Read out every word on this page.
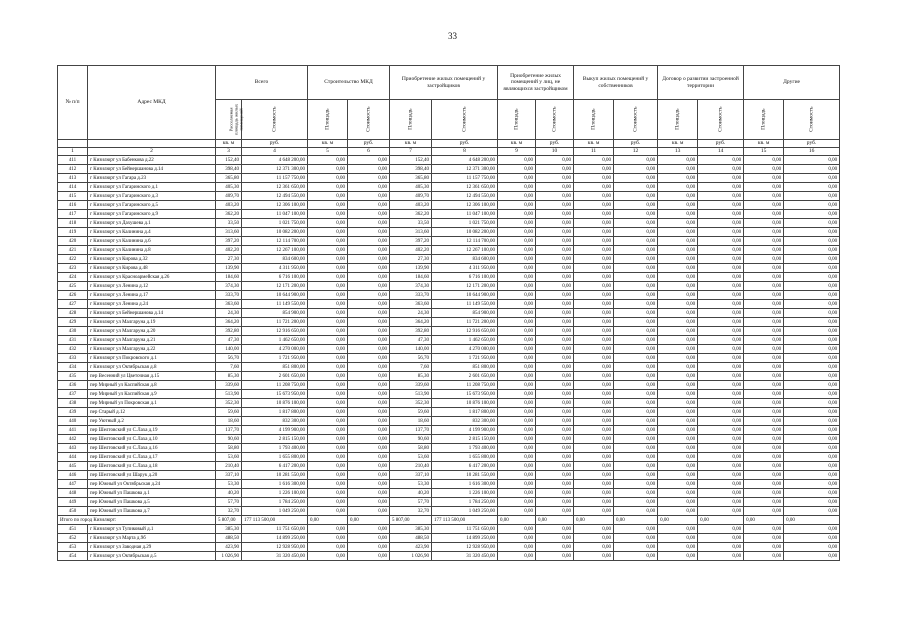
33
№ п/п	Адрес МКД	Всего		Строительство МКД		Приобретение жилых помещений у застройщиков		Приобретение жилых помещений у лиц, не являющихся застройщиком		Выкуп жилых помещений у собственников		Договор о развитии застроенной территории		Другие	
		Расселяемая площадь жилых помещений	Стоимость	Площадь	Стоимость	Площадь	Стоимость	Площадь	Стоимость	Площадь	Стоимость	Площадь	Стоимость	Площадь	Стоимость
		кв. м	руб.	кв. м	руб.	кв. м	руб.	кв. м	руб.	кв. м	руб.	кв. м	руб.	кв. м	руб.
1	2	3	4	5	6	7	8	9	10	11	12	13	14	15	16
411	г Кизилюрт ул Бабенкова д.22	152,40	4 648 200,00	0,00	0,00	152,40	4 648 200,00	0,00	0,00	0,00	0,00	0,00	0,00	0,00	0,00
412	г Кизилюрт ул Бейнершанова д.14	398,40	12 371 300,00	0,00	0,00	398,40	12 371 300,00	0,00	0,00	0,00	0,00	0,00	0,00	0,00	0,00
413	г Кизилюрт ул Гагара д.23	365,80	11 157 750,00	0,00	0,00	365,80	11 157 750,00	0,00	0,00	0,00	0,00	0,00	0,00	0,00	0,00
414	г Кизилюрт ул Гагаринского д.1	405,30	12 361 650,00	0,00	0,00	405,30	12 361 650,00	0,00	0,00	0,00	0,00	0,00	0,00	0,00	0,00
415	г Кизилюрт ул Гагаринского д.3	409,70	12 494 550,00	0,00	0,00	409,70	12 494 550,00	0,00	0,00	0,00	0,00	0,00	0,00	0,00	0,00
416	г Кизилюрт ул Гагаринского д.5	403,20	12 306 100,00	0,00	0,00	403,20	12 306 100,00	0,00	0,00	0,00	0,00	0,00	0,00	0,00	0,00
417	г Кизилюрт ул Гагаринского д.9	362,20	11 047 100,00	0,00	0,00	362,20	11 047 100,00	0,00	0,00	0,00	0,00	0,00	0,00	0,00	0,00
418	г Кизилюрт ул Дахушева д.1	33,50	1 021 750,00	0,00	0,00	33,50	1 021 750,00	0,00	0,00	0,00	0,00	0,00	0,00	0,00	0,00
419	г Кизилюрт ул Калинина д.4	313,60	10 082 200,00	0,00	0,00	313,60	10 082 200,00	0,00	0,00	0,00	0,00	0,00	0,00	0,00	0,00
420	г Кизилюрт ул Калинина д.6	397,20	12 114 700,00	0,00	0,00	397,20	12 114 700,00	0,00	0,00	0,00	0,00	0,00	0,00	0,00	0,00
421	г Кизилюрт ул Калинина д.8	402,20	12 267 100,00	0,00	0,00	402,20	12 267 100,00	0,00	0,00	0,00	0,00	0,00	0,00	0,00	0,00
422	г Кизилюрт ул Кирова д.32	27,30	834 600,00	0,00	0,00	27,30	834 600,00	0,00	0,00	0,00	0,00	0,00	0,00	0,00	0,00
423	г Кизилюрт ул Кирова д.48	139,90	4 311 950,00	0,00	0,00	139,90	4 311 950,00	0,00	0,00	0,00	0,00	0,00	0,00	0,00	0,00
424	г Кизилюрт ул Красноармейская д.26	184,60	6 716 100,00	0,00	0,00	184,60	6 716 100,00	0,00	0,00	0,00	0,00	0,00	0,00	0,00	0,00
425	г Кизилюрт ул Ленина д.12	374,30	12 171 200,00	0,00	0,00	374,30	12 171 200,00	0,00	0,00	0,00	0,00	0,00	0,00	0,00	0,00
426	г Кизилюрт ул Ленина д.17	333,70	10 644 900,00	0,00	0,00	333,70	10 644 900,00	0,00	0,00	0,00	0,00	0,00	0,00	0,00	0,00
427	г Кизилюрт ул Ленина д.24	363,60	11 149 550,00	0,00	0,00	363,60	11 149 550,00	0,00	0,00	0,00	0,00	0,00	0,00	0,00	0,00
428	г Кизилюрт ул Бейнершанова д.14	24,30	854 900,00	0,00	0,00	24,30	854 900,00	0,00	0,00	0,00	0,00	0,00	0,00	0,00	0,00
429	г Кизилюрт ул Малгаруна д.19	364,20	11 721 200,00	0,00	0,00	364,20	11 721 200,00	0,00	0,00	0,00	0,00	0,00	0,00	0,00	0,00
430	г Кизилюрт ул Малгаруна д.20	392,80	12 916 650,00	0,00	0,00	392,80	12 916 650,00	0,00	0,00	0,00	0,00	0,00	0,00	0,00	0,00
431	г Кизилюрт ул Малгаруна д.21	47,30	1 462 650,00	0,00	0,00	47,30	1 462 650,00	0,00	0,00	0,00	0,00	0,00	0,00	0,00	0,00
432	г Кизилюрт ул Малгаруна д.22	140,00	4 270 000,00	0,00	0,00	140,00	4 270 000,00	0,00	0,00	0,00	0,00	0,00	0,00	0,00	0,00
433	г Кизилюрт ул Покровского д.1	56,70	1 721 950,00	0,00	0,00	56,70	1 721 950,00	0,00	0,00	0,00	0,00	0,00	0,00	0,00	0,00
434	г Кизилюрт ул Октябрьская д.8	7,60	851 800,00	0,00	0,00	7,60	851 800,00	0,00	0,00	0,00	0,00	0,00	0,00	0,00	0,00
435	пер Весенний ул Цветочная д.15	85,30	2 601 650,00	0,00	0,00	85,30	2 601 650,00	0,00	0,00	0,00	0,00	0,00	0,00	0,00	0,00
436	пер Мирный ул Каспийская д.8	339,60	11 208 750,00	0,00	0,00	339,60	11 208 750,00	0,00	0,00	0,00	0,00	0,00	0,00	0,00	0,00
437	пер Мирный ул Каспийская д.9	513,90	15 673 950,00	0,00	0,00	513,90	15 673 950,00	0,00	0,00	0,00	0,00	0,00	0,00	0,00	0,00
438	пер Мирный ул Покровская д.1	352,30	10 876 100,00	0,00	0,00	352,30	10 876 100,00	0,00	0,00	0,00	0,00	0,00	0,00	0,00	0,00
439	пер Старый д.12	59,60	1 817 800,00	0,00	0,00	59,60	1 817 800,00	0,00	0,00	0,00	0,00	0,00	0,00	0,00	0,00
440	пер Уютный д.2	18,60	832 300,00	0,00	0,00	18,60	832 300,00	0,00	0,00	0,00	0,00	0,00	0,00	0,00	0,00
441	пер Шелтовский ул С.Лаха д.19	137,70	4 199 900,00	0,00	0,00	137,70	4 199 900,00	0,00	0,00	0,00	0,00	0,00	0,00	0,00	0,00
442	пер Шелтовский ул С.Лаха д.10	90,60	2 815 150,00	0,00	0,00	90,60	2 815 150,00	0,00	0,00	0,00	0,00	0,00	0,00	0,00	0,00
443	пер Шелтовский ул С.Лаха д.16	58,80	1 793 400,00	0,00	0,00	58,80	1 793 400,00	0,00	0,00	0,00	0,00	0,00	0,00	0,00	0,00
444	пер Шелтовский ул С.Лаха д.17	53,60	1 655 800,00	0,00	0,00	53,60	1 655 800,00	0,00	0,00	0,00	0,00	0,00	0,00	0,00	0,00
445	пер Шелтовский ул С.Лаха д.18	210,40	6 417 200,00	0,00	0,00	210,40	6 417 200,00	0,00	0,00	0,00	0,00	0,00	0,00	0,00	0,00
446	пер Шелтовский ул Шарук д.20	337,10	10 281 550,00	0,00	0,00	337,10	10 281 550,00	0,00	0,00	0,00	0,00	0,00	0,00	0,00	0,00
447	пер Южный ул Октябрьская д.24	53,30	1 616 300,00	0,00	0,00	53,30	1 616 300,00	0,00	0,00	0,00	0,00	0,00	0,00	0,00	0,00
448	пер Южный ул Пашкова д.1	40,20	1 226 100,00	0,00	0,00	40,20	1 226 100,00	0,00	0,00	0,00	0,00	0,00	0,00	0,00	0,00
449	пер Южный ул Пашкова д.5	57,70	1 784 250,00	0,00	0,00	57,70	1 784 250,00	0,00	0,00	0,00	0,00	0,00	0,00	0,00	0,00
450	пер Южный ул Пашкова д.7	32,70	1 049 250,00	0,00	0,00	32,70	1 049 250,00	0,00	0,00	0,00	0,00	0,00	0,00	0,00	0,00
Итого по город Кизилюрт:		5 807,00	177 113 500,00	0,00	0,00	5 807,00	177 113 500,00	0,00	0,00	0,00	0,00	0,00	0,00	0,00	0,00
451	г Кизилюрт ул Тупиковый д.1	385,30	11 751 650,00	0,00	0,00	385,30	11 751 650,00	0,00	0,00	0,00	0,00	0,00	0,00	0,00	0,00
452	г Кизилюрт ул Марта д.9б	488,50	14 899 250,00	0,00	0,00	488,50	14 899 250,00	0,00	0,00	0,00	0,00	0,00	0,00	0,00	0,00
453	г Кизилюрт ул Заводная д.29	423,90	12 928 950,00	0,00	0,00	423,90	12 928 950,00	0,00	0,00	0,00	0,00	0,00	0,00	0,00	0,00
454	г Кизилюрт ул Октябрьская д.5	1 026,90	31 320 450,00	0,00	0,00	1 026,90	31 320 450,00	0,00	0,00	0,00	0,00	0,00	0,00	0,00	0,00
